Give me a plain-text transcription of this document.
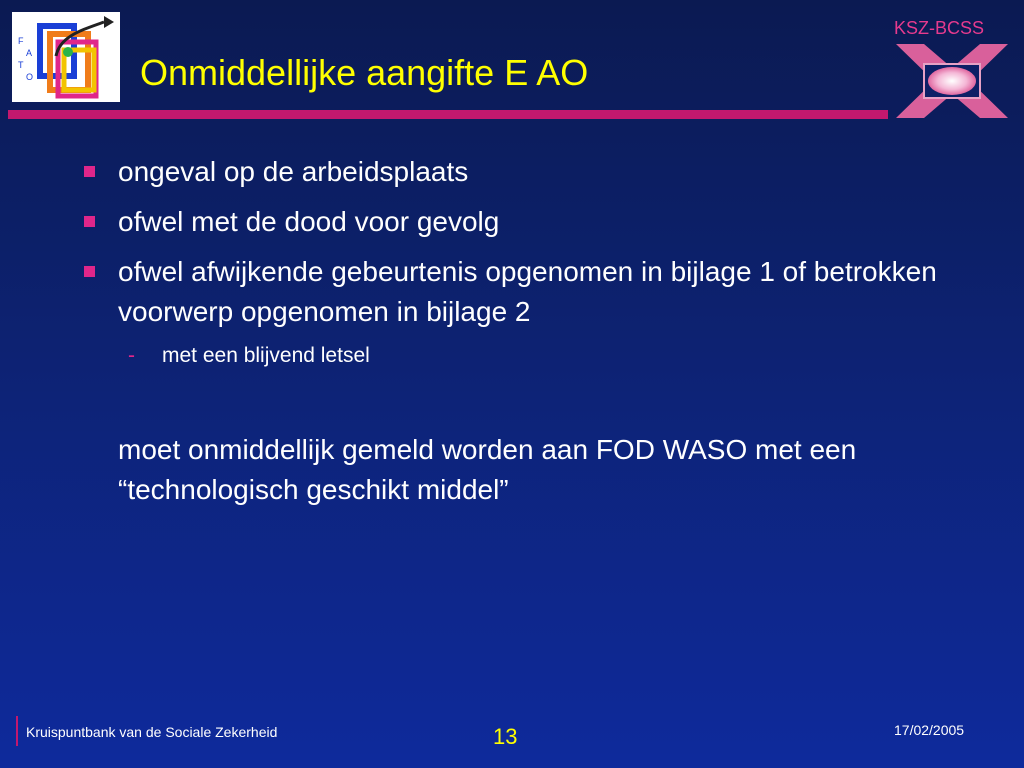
F
A
T
O	Onmiddellijke aangifte E AO
KSZ-BCSS
ongeval op de arbeidsplaats
ofwel met de dood voor gevolg
ofwel afwijkende gebeurtenis opgenomen in bijlage 1 of betrokken voorwerp opgenomen in bijlage 2
- met een blijvend letsel
moet onmiddellijk gemeld worden aan FOD WASO met een “technologisch geschikt middel”
Kruispuntbank van de Sociale Zekerheid	13	17/02/2005
